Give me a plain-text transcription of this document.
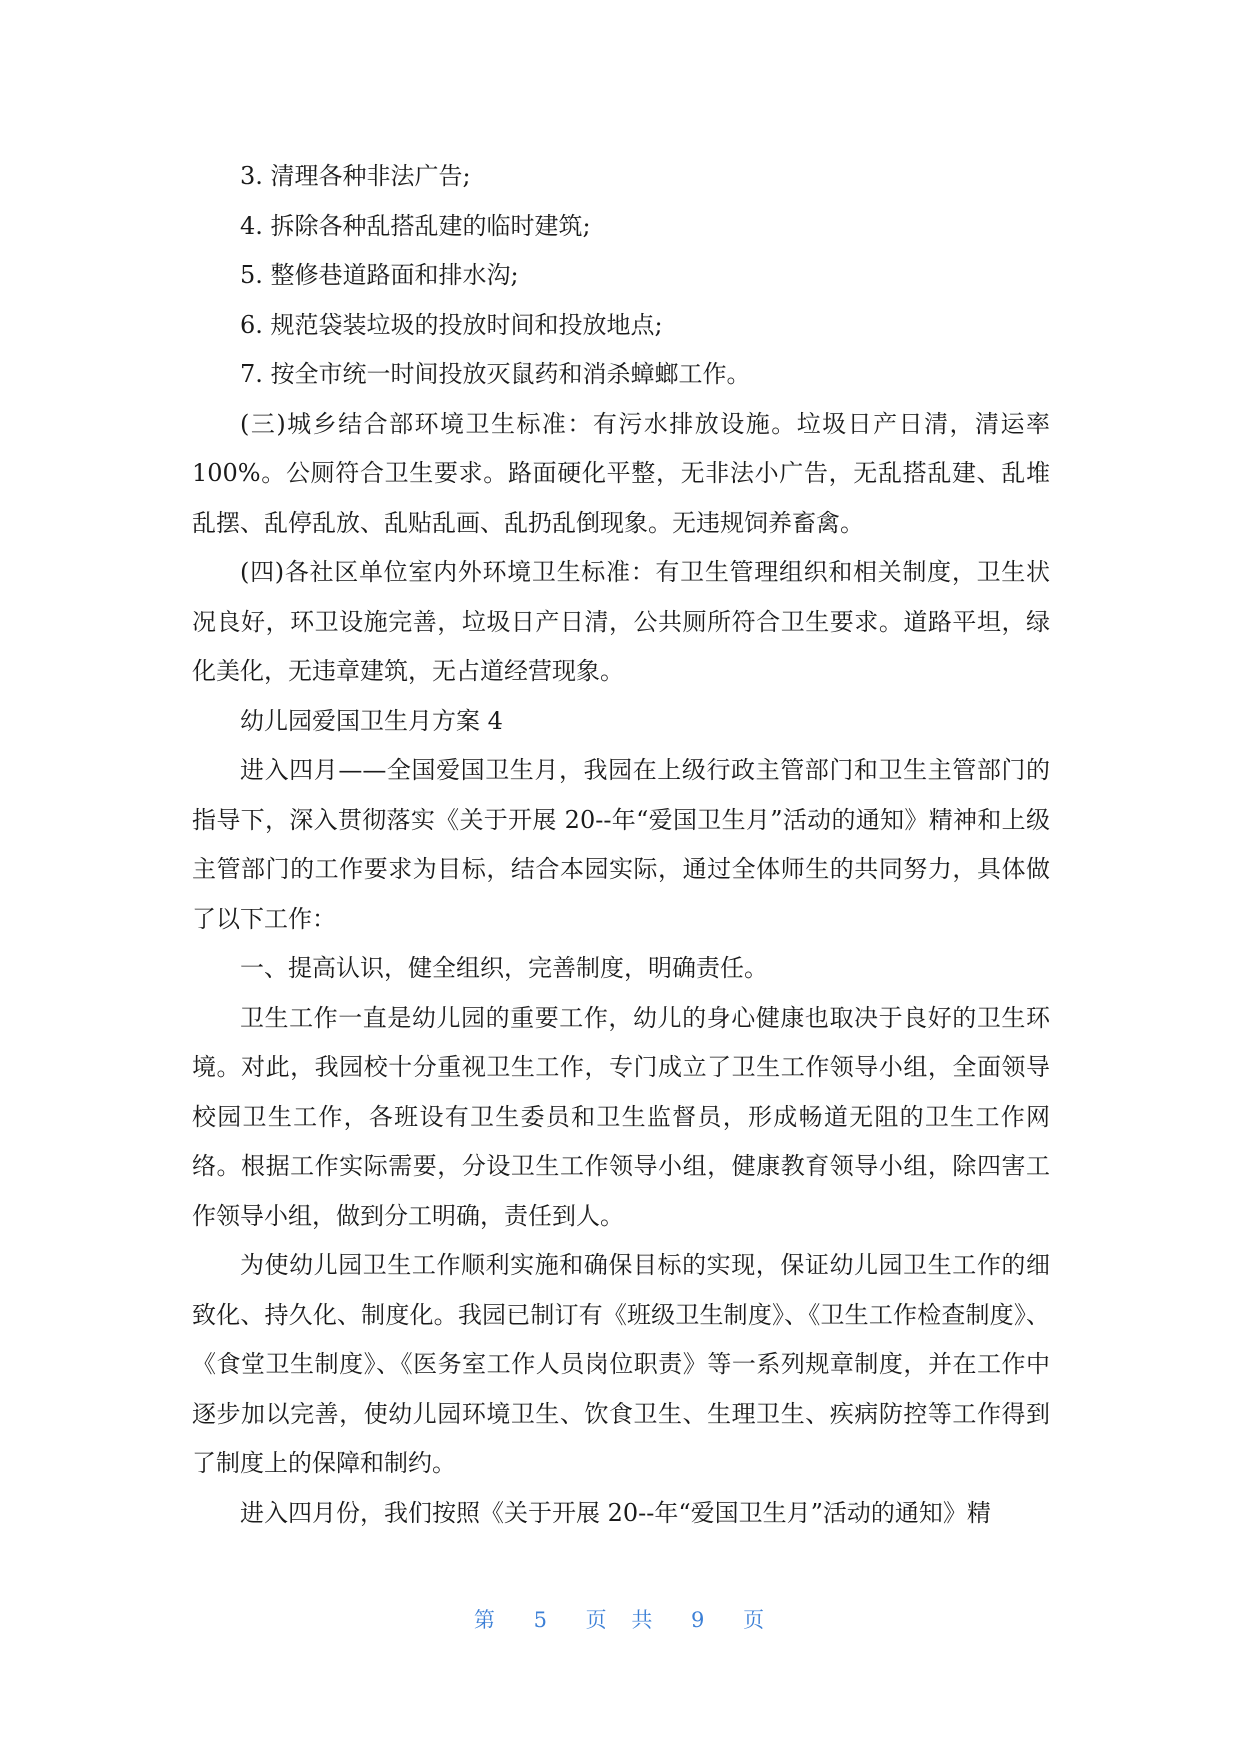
3. 清理各种非法广告;

4. 拆除各种乱搭乱建的临时建筑;

5. 整修巷道路面和排水沟;

6. 规范袋装垃圾的投放时间和投放地点;

7. 按全市统一时间投放灭鼠药和消杀蟑螂工作。

(三)城乡结合部环境卫生标准：有污水排放设施。垃圾日产日清，清运率100%。公厕符合卫生要求。路面硬化平整，无非法小广告，无乱搭乱建、乱堆乱摆、乱停乱放、乱贴乱画、乱扔乱倒现象。无违规饲养畜禽。

(四)各社区单位室内外环境卫生标准：有卫生管理组织和相关制度，卫生状况良好，环卫设施完善，垃圾日产日清，公共厕所符合卫生要求。道路平坦，绿化美化，无违章建筑，无占道经营现象。

幼儿园爱国卫生月方案 4

进入四月——全国爱国卫生月，我园在上级行政主管部门和卫生主管部门的指导下，深入贯彻落实《关于开展 20--年“爱国卫生月”活动的通知》精神和上级主管部门的工作要求为目标，结合本园实际，通过全体师生的共同努力，具体做了以下工作：

一、提高认识，健全组织，完善制度，明确责任。

卫生工作一直是幼儿园的重要工作，幼儿的身心健康也取决于良好的卫生环境。对此，我园校十分重视卫生工作，专门成立了卫生工作领导小组，全面领导校园卫生工作，各班设有卫生委员和卫生监督员，形成畅道无阻的卫生工作网络。根据工作实际需要，分设卫生工作领导小组，健康教育领导小组，除四害工作领导小组，做到分工明确，责任到人。

为使幼儿园卫生工作顺利实施和确保目标的实现，保证幼儿园卫生工作的细致化、持久化、制度化。我园已制订有《班级卫生制度》、《卫生工作检查制度》、《食堂卫生制度》、《医务室工作人员岗位职责》等一系列规章制度，并在工作中逐步加以完善，使幼儿园环境卫生、饮食卫生、生理卫生、疾病防控等工作得到了制度上的保障和制约。

进入四月份，我们按照《关于开展 20--年“爱国卫生月”活动的通知》精

第 5 页 共 9 页
